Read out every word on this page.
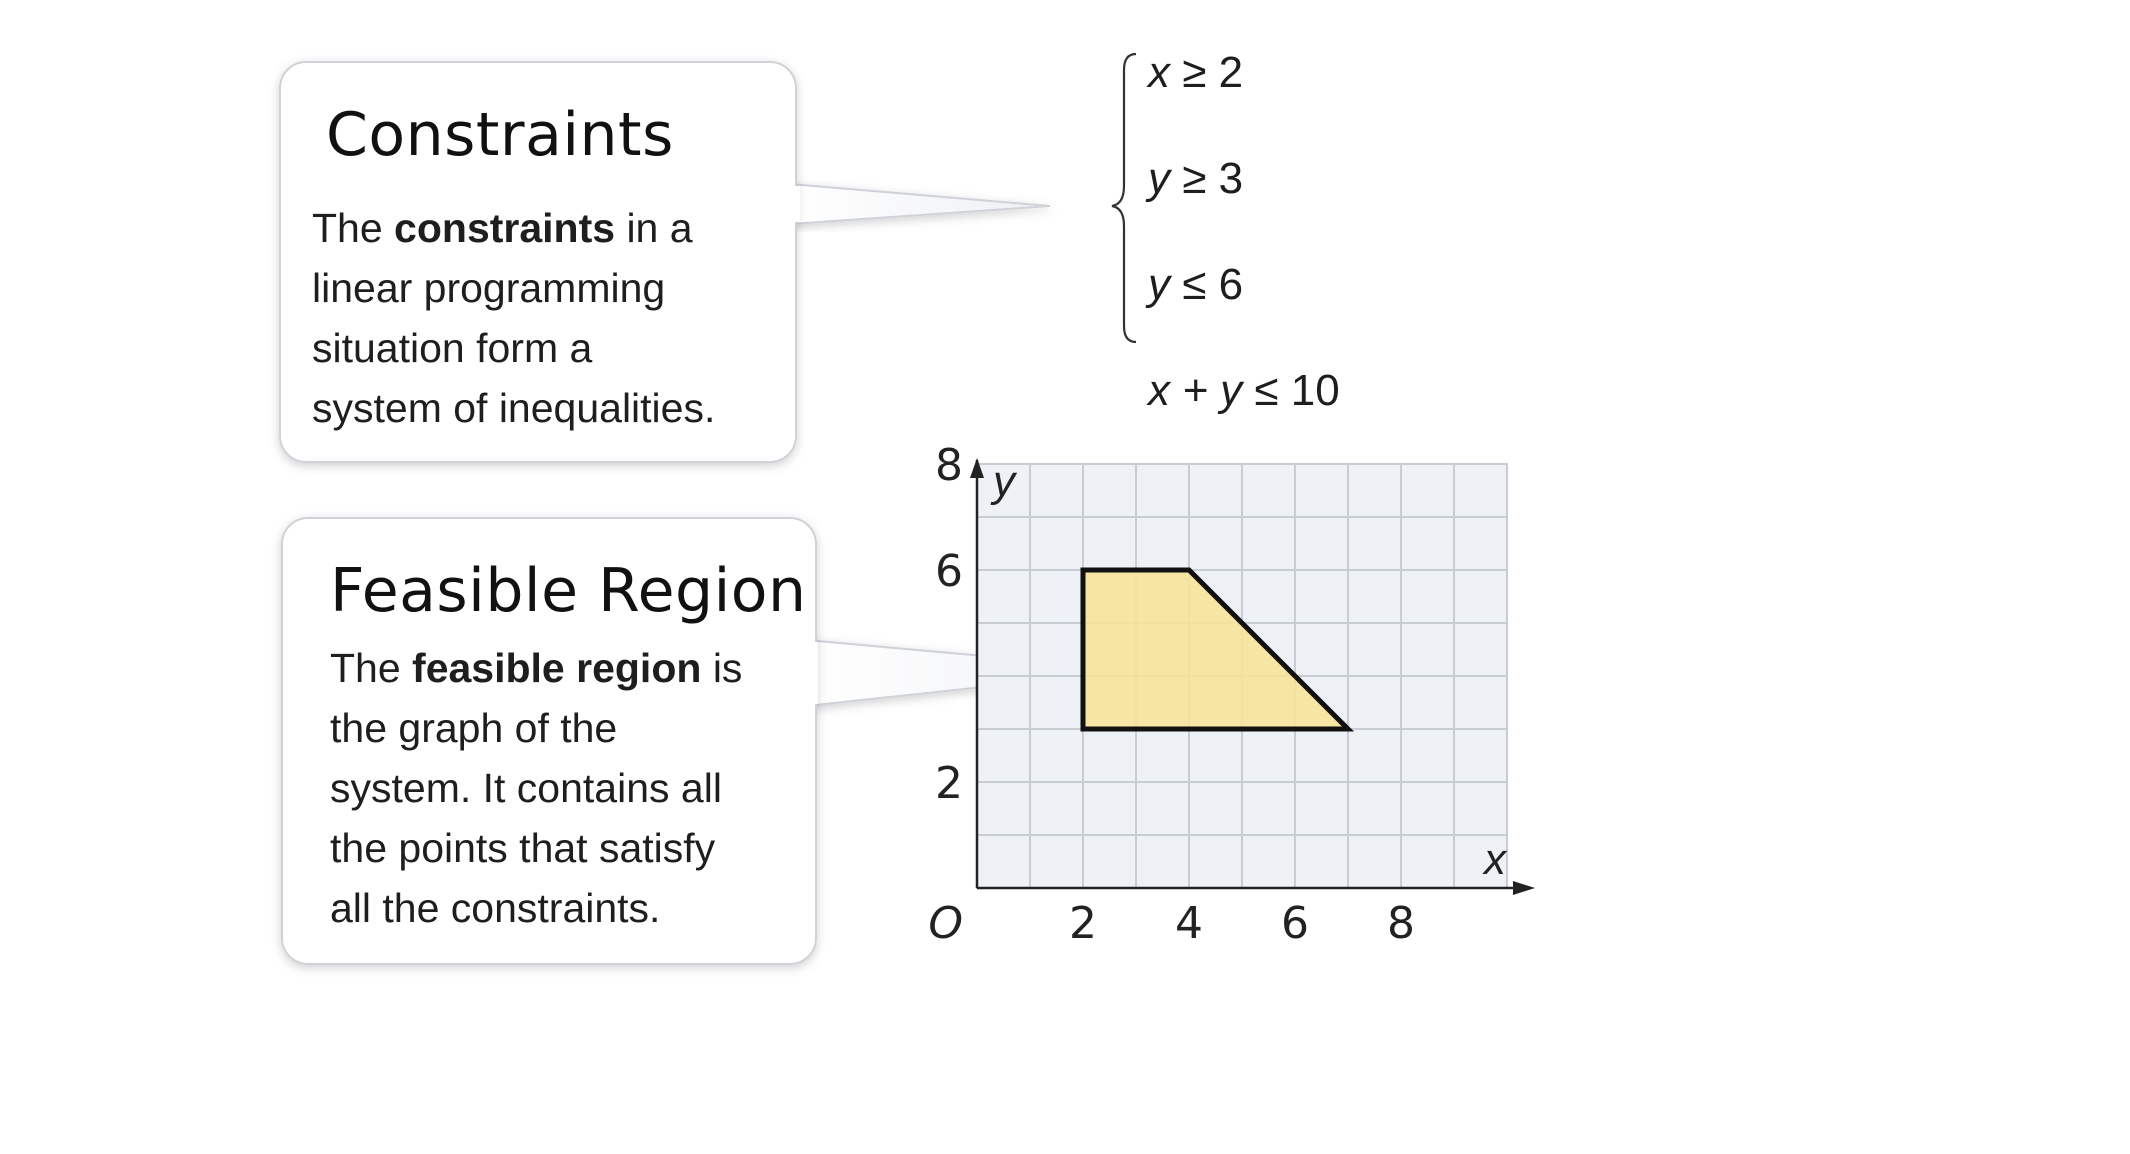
Constraints
The constraints in a
linear programming
situation form a
system of inequalities.
Feasible Region
The feasible region is
the graph of the
system. It contains all
the points that satisfy
all the constraints.
x ≥ 2
y ≥ 3
y ≤ 6
x + y ≤ 10
2 4 6 8
2
6
8
O
x
y
